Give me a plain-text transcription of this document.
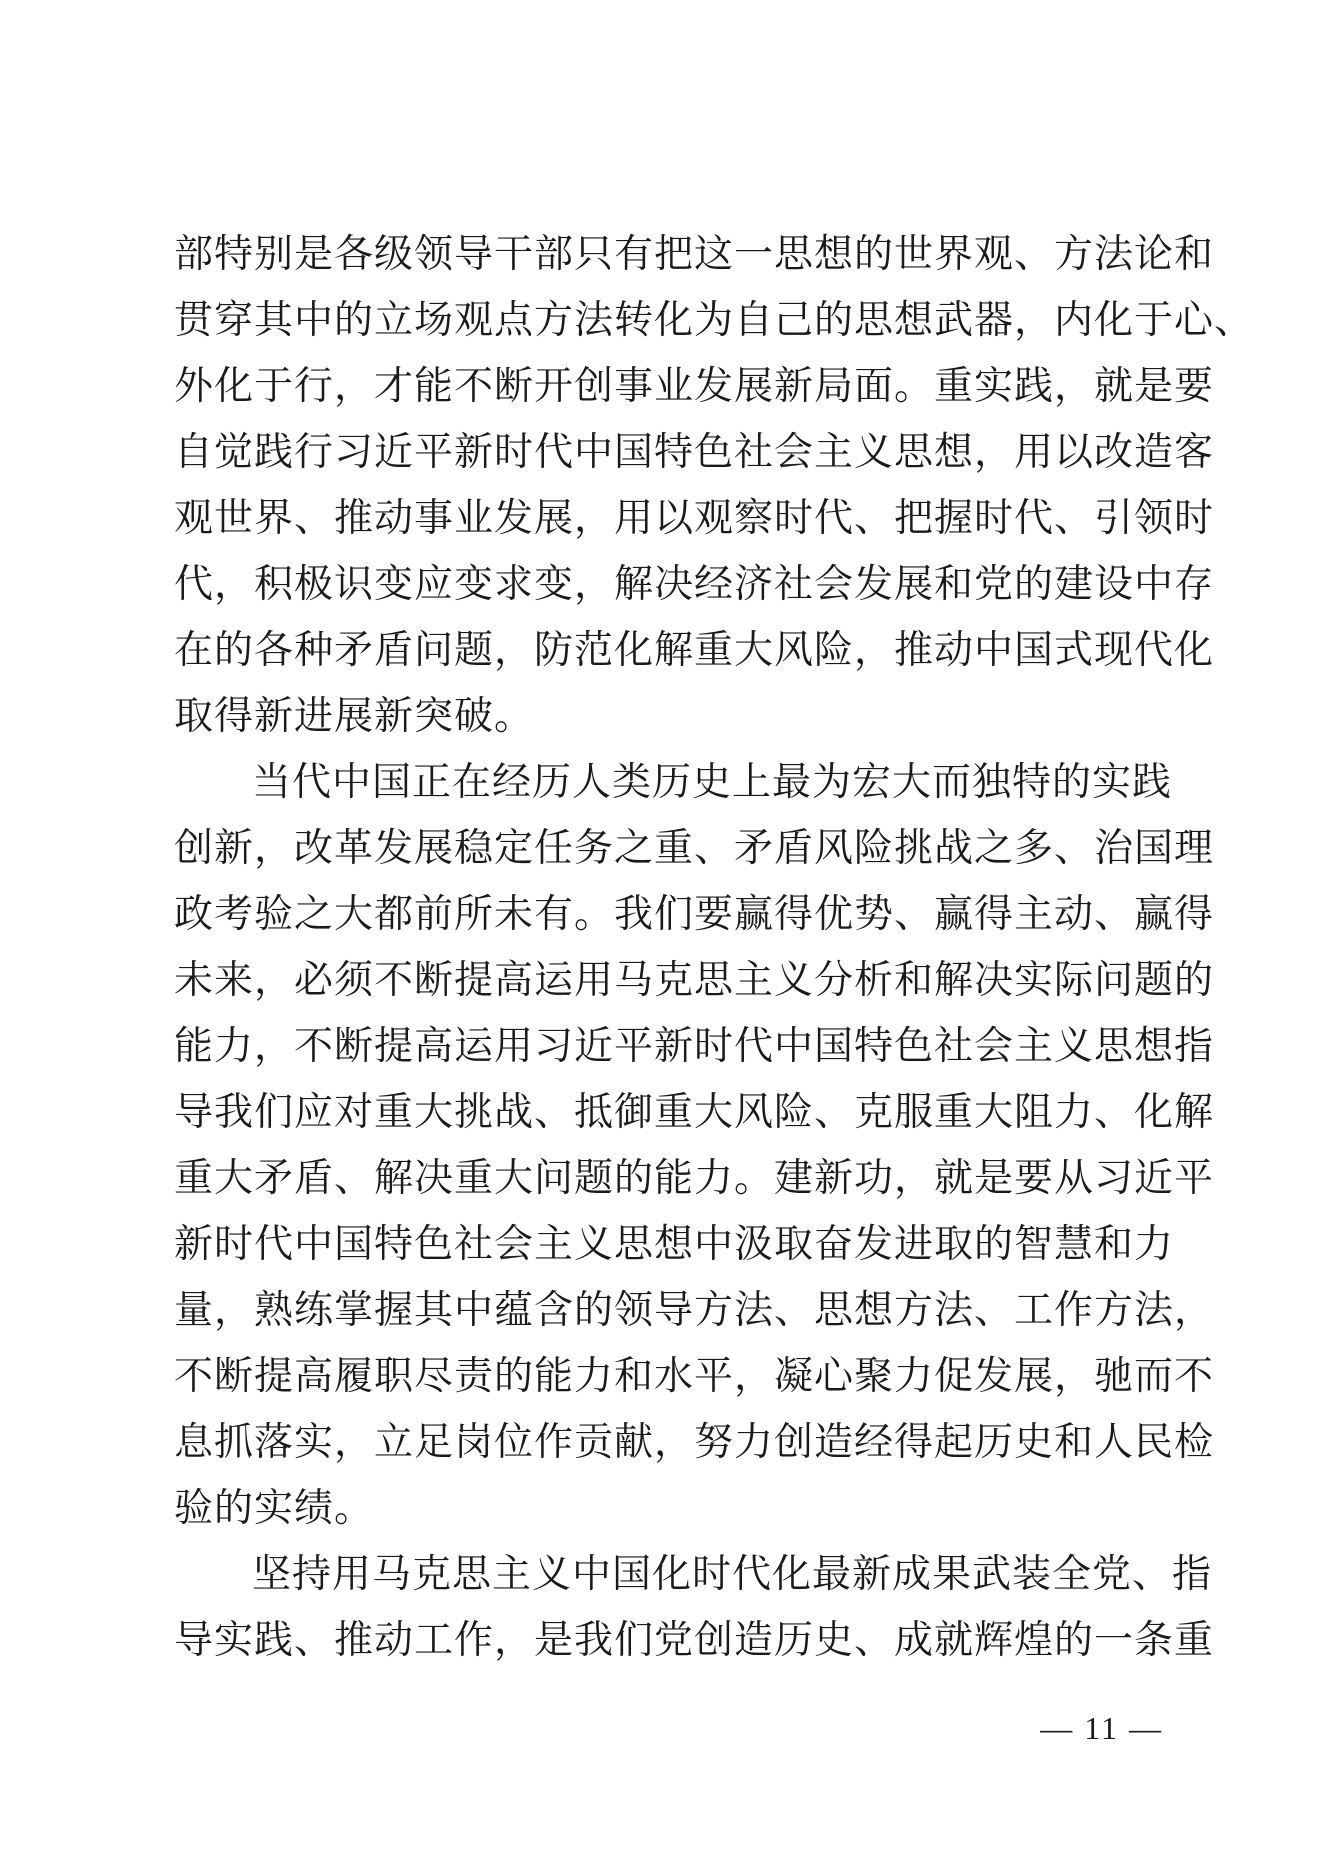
部特别是各级领导干部只有把这一思想的世界观、方法论和
贯穿其中的立场观点方法转化为自己的思想武器，内化于心、
外化于行，才能不断开创事业发展新局面。重实践，就是要
自觉践行习近平新时代中国特色社会主义思想，用以改造客
观世界、推动事业发展，用以观察时代、把握时代、引领时
代，积极识变应变求变，解决经济社会发展和党的建设中存
在的各种矛盾问题，防范化解重大风险，推动中国式现代化
取得新进展新突破。
当代中国正在经历人类历史上最为宏大而独特的实践
创新，改革发展稳定任务之重、矛盾风险挑战之多、治国理
政考验之大都前所未有。我们要赢得优势、赢得主动、赢得
未来，必须不断提高运用马克思主义分析和解决实际问题的
能力，不断提高运用习近平新时代中国特色社会主义思想指
导我们应对重大挑战、抵御重大风险、克服重大阻力、化解
重大矛盾、解决重大问题的能力。建新功，就是要从习近平
新时代中国特色社会主义思想中汲取奋发进取的智慧和力
量，熟练掌握其中蕴含的领导方法、思想方法、工作方法，
不断提高履职尽责的能力和水平，凝心聚力促发展，驰而不
息抓落实，立足岗位作贡献，努力创造经得起历史和人民检
验的实绩。
坚持用马克思主义中国化时代化最新成果武装全党、指
导实践、推动工作，是我们党创造历史、成就辉煌的一条重
— 11 —
